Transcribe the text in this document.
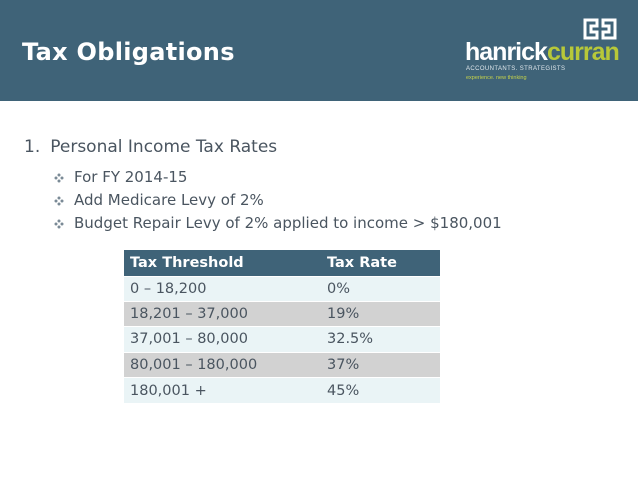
Tax Obligations	hanrickcurran
ACCOUNTANTS. STRATEGISTS
experience. new thinking
1. Personal Income Tax Rates
For FY 2014-15
Add Medicare Levy of 2%
Budget Repair Levy of 2% applied to income > $180,001
Tax Threshold	Tax Rate
0 – 18,200	0%
18,201 – 37,000	19%
37,001 – 80,000	32.5%
80,001 – 180,000	37%
180,001 +	45%
